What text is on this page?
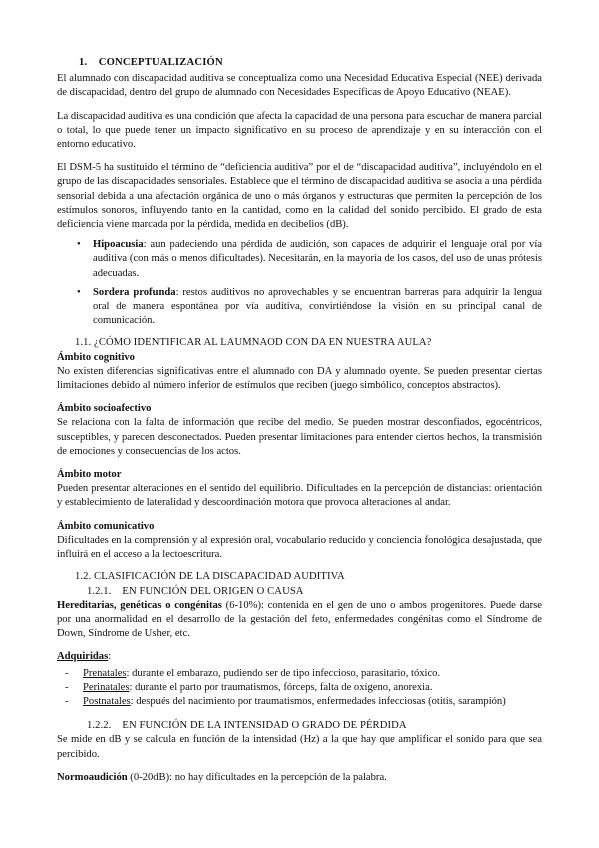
1. CONCEPTUALIZACIÓN

El alumnado con discapacidad auditiva se conceptualiza como una Necesidad Educativa Especial (NEE) derivada de discapacidad, dentro del grupo de alumnado con Necesidades Específicas de Apoyo Educativo (NEAE).

La discapacidad auditiva es una condición que afecta la capacidad de una persona para escuchar de manera parcial o total, lo que puede tener un impacto significativo en su proceso de aprendizaje y en su interacción con el entorno educativo.

El DSM-5 ha sustituido el término de “deficiencia auditiva” por el de “discapacidad auditiva”, incluyéndolo en el grupo de las discapacidades sensoriales. Establece que el término de discapacidad auditiva se asocia a una pérdida sensorial debida a una afectación orgánica de uno o más órganos y estructuras que permiten la percepción de los estímulos sonoros, influyendo tanto en la cantidad, como en la calidad del sonido percibido. El grado de esta deficiencia viene marcada por la pérdida, medida en decibelios (dB).

• Hipoacusia: aun padeciendo una pérdida de audición, son capaces de adquirir el lenguaje oral por vía auditiva (con más o menos dificultades). Necesitarán, en la mayoría de los casos, del uso de unas prótesis adecuadas.
• Sordera profunda: restos auditivos no aprovechables y se encuentran barreras para adquirir la lengua oral de manera espontánea por vía auditiva, convirtiéndose la visión en su principal canal de comunicación.

1.1. ¿CÓMO IDENTIFICAR AL LAUMNAOD CON DA EN NUESTRA AULA?

Ámbito cognitivo

No existen diferencias significativas entre el alumnado con DA y alumnado oyente. Se pueden presentar ciertas limitaciones debido al número inferior de estímulos que reciben (juego simbólico, conceptos abstractos).

Ámbito socioafectivo

Se relaciona con la falta de información que recibe del medio. Se pueden mostrar desconfiados, egocéntricos, susceptibles, y parecen desconectados. Pueden presentar limitaciones para entender ciertos hechos, la transmisión de emociones y consecuencias de los actos.

Ámbito motor

Pueden presentar alteraciones en el sentido del equilibrio. Dificultades en la percepción de distancias: orientación y establecimiento de lateralidad y descoordinación motora que provoca alteraciones al andar.

Ámbito comunicativo

Dificultades en la comprensión y al expresión oral, vocabulario reducido y conciencia fonológica desajustada, que influirá en el acceso a la lectoescritura.

1.2. CLASIFICACIÓN DE LA DISCAPACIDAD AUDITIVA

1.2.1.    EN FUNCIÓN DEL ORIGEN O CAUSA

Hereditarias, genéticas o congénitas (6-10%): contenida en el gen de uno o ambos progenitores. Puede darse por una anormalidad en el desarrollo de la gestación del feto, enfermedades congénitas como el Síndrome de Down, Síndrome de Usher, etc.

Adquiridas:

- Prenatales: durante el embarazo, pudiendo ser de tipo infeccioso, parasitario, tóxico.
- Perinatales: durante el parto por traumatismos, fórceps, falta de oxígeno, anorexia.
- Postnatales: después del nacimiento por traumatismos, enfermedades infecciosas (otitis, sarampión)

1.2.2.    EN FUNCIÓN DE LA INTENSIDAD O GRADO DE PÉRDIDA

Se mide en dB y se calcula en función de la intensidad (Hz) a la que hay que amplificar el sonido para que sea percibido.

Normoaudición (0-20dB): no hay dificultades en la percepción de la palabra.
